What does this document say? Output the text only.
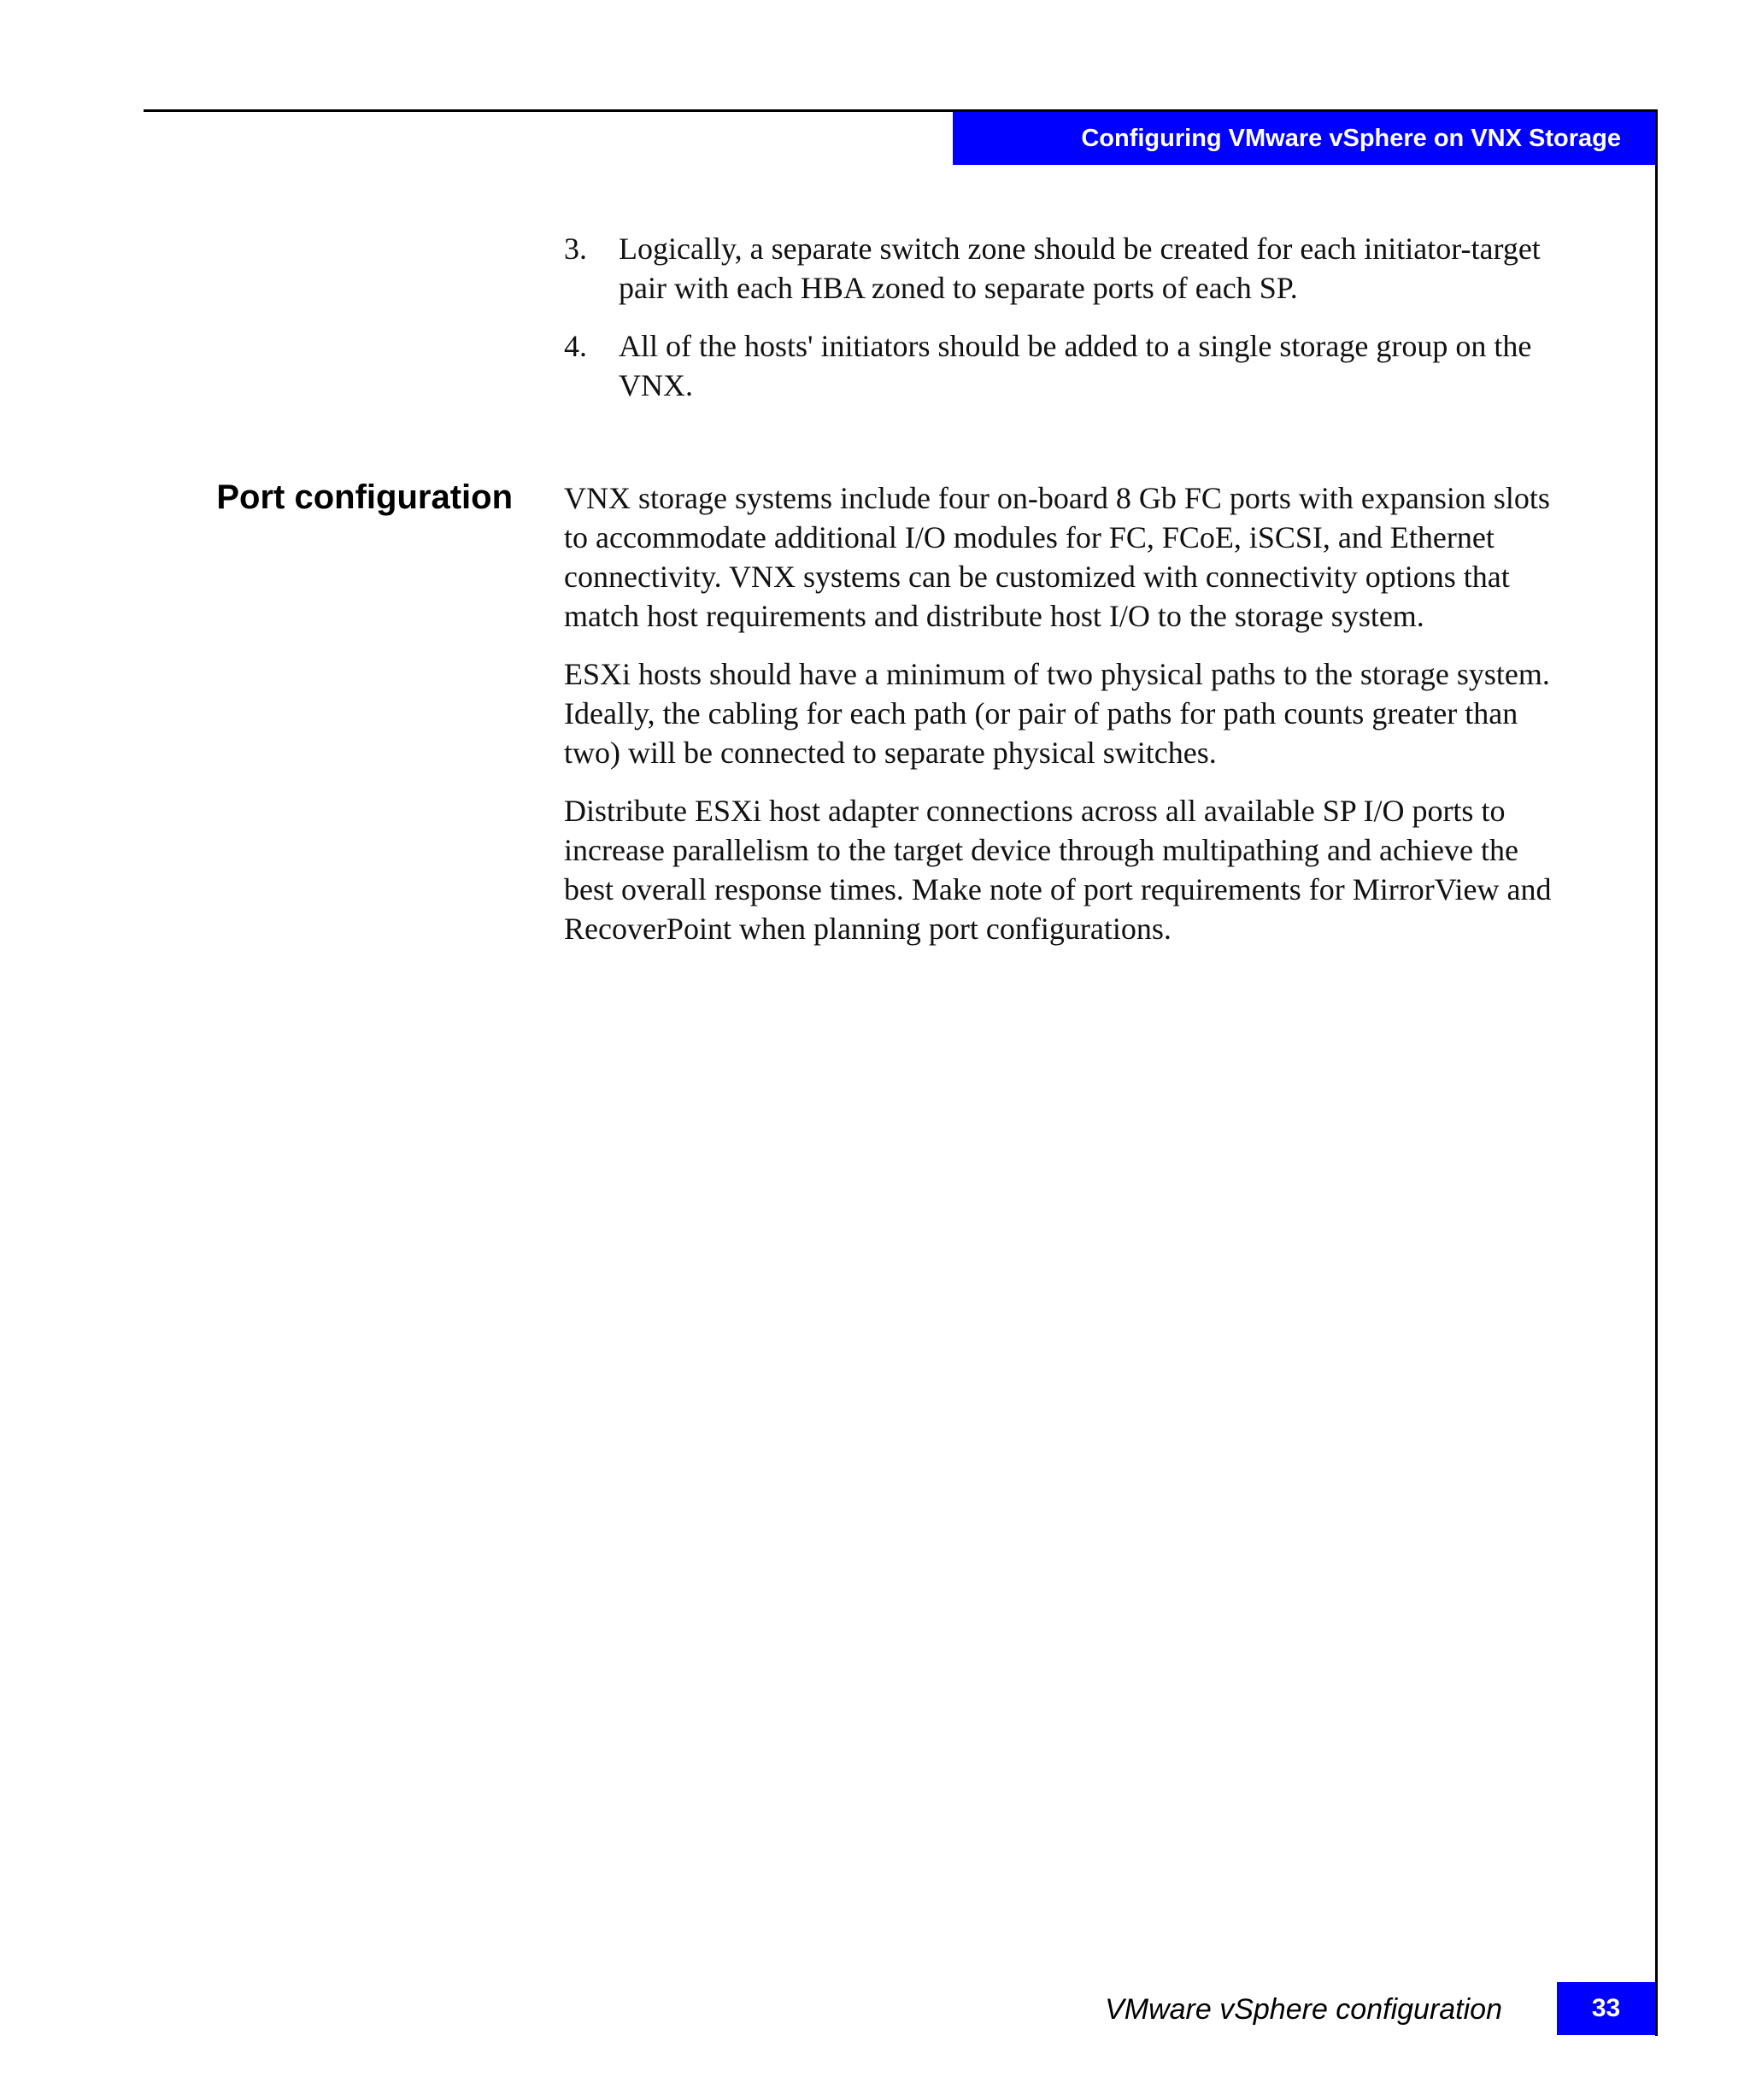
Configuring VMware vSphere on VNX Storage
3. Logically, a separate switch zone should be created for each initiator-target pair with each HBA zoned to separate ports of each SP.
4. All of the hosts' initiators should be added to a single storage group on the VNX.
Port configuration VNX storage systems include four on-board 8 Gb FC ports with expansion slots to accommodate additional I/O modules for FC, FCoE, iSCSI, and Ethernet connectivity. VNX systems can be customized with connectivity options that match host requirements and distribute host I/O to the storage system.

ESXi hosts should have a minimum of two physical paths to the storage system. Ideally, the cabling for each path (or pair of paths for path counts greater than two) will be connected to separate physical switches.

Distribute ESXi host adapter connections across all available SP I/O ports to increase parallelism to the target device through multipathing and achieve the best overall response times. Make note of port requirements for MirrorView and RecoverPoint when planning port configurations.

VMware vSphere configuration	33
